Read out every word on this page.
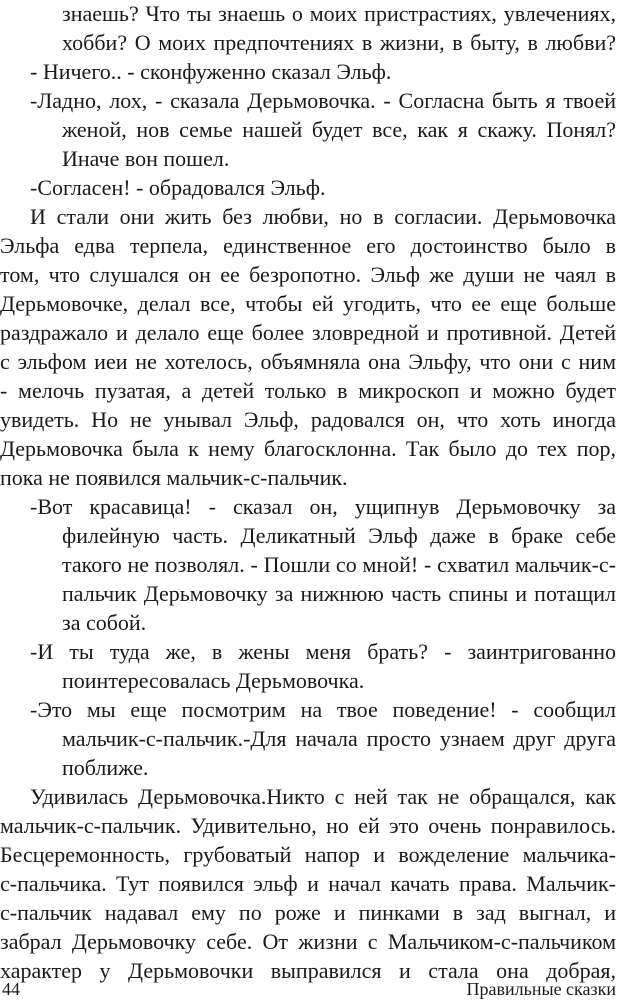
знаешь? Что ты знаешь о моих пристрастиях, увлечениях,
хобби? О моих предпочтениях в жизни, в быту, в любви?
- Ничего.. - сконфуженно сказал Эльф.
-Ладно, лох, - сказала Дерьмовочка. - Согласна быть я твоей
женой, нов семье нашей будет все, как я скажу. Понял?
Иначе вон пошел.
-Согласен! - обрадовался Эльф.
И стали они жить без любви, но в согласии. Дерьмовочка
Эльфа едва терпела, единственное его достоинство было в
том, что слушался он ее безропотно. Эльф же души не чаял в
Дерьмовочке, делал все, чтобы ей угодить, что ее еще больше
раздражало и делало еще более зловредной и противной. Детей
с эльфом иеи не хотелось, объямняла она Эльфу, что они с ним
- мелочь пузатая, а детей только в микроскоп и можно будет
увидеть. Но не унывал Эльф, радовался он, что хоть иногда
Дерьмовочка была к нему благосклонна. Так было до тех пор,
пока не появился мальчик-с-пальчик.
-Вот красавица! - сказал он, ущипнув Дерьмовочку за
филейную часть. Деликатный Эльф даже в браке себе
такого не позволял. - Пошли со мной! - схватил мальчик-с-
пальчик Дерьмовочку за нижнюю часть спины и потащил
за собой.
-И ты туда же, в жены меня брать? - заинтригованно
поинтересовалась Дерьмовочка.
-Это мы еще посмотрим на твое поведение! - сообщил
мальчик-с-пальчик.-Для начала просто узнаем друг друга
поближе.
Удивилась Дерьмовочка.Никто с ней так не обращался, как
мальчик-с-пальчик. Удивительно, но ей это очень понравилось.
Бесцеремонность, грубоватый напор и вожделение мальчика-
с-пальчика. Тут появился эльф и начал качать права. Мальчик-
с-пальчик надавал ему по роже и пинками в зад выгнал, и
забрал Дерьмовочку себе. От жизни с Мальчиком-с-пальчиком
характер у Дерьмовочки выправился и стала она добрая,
44	Правильные сказки
